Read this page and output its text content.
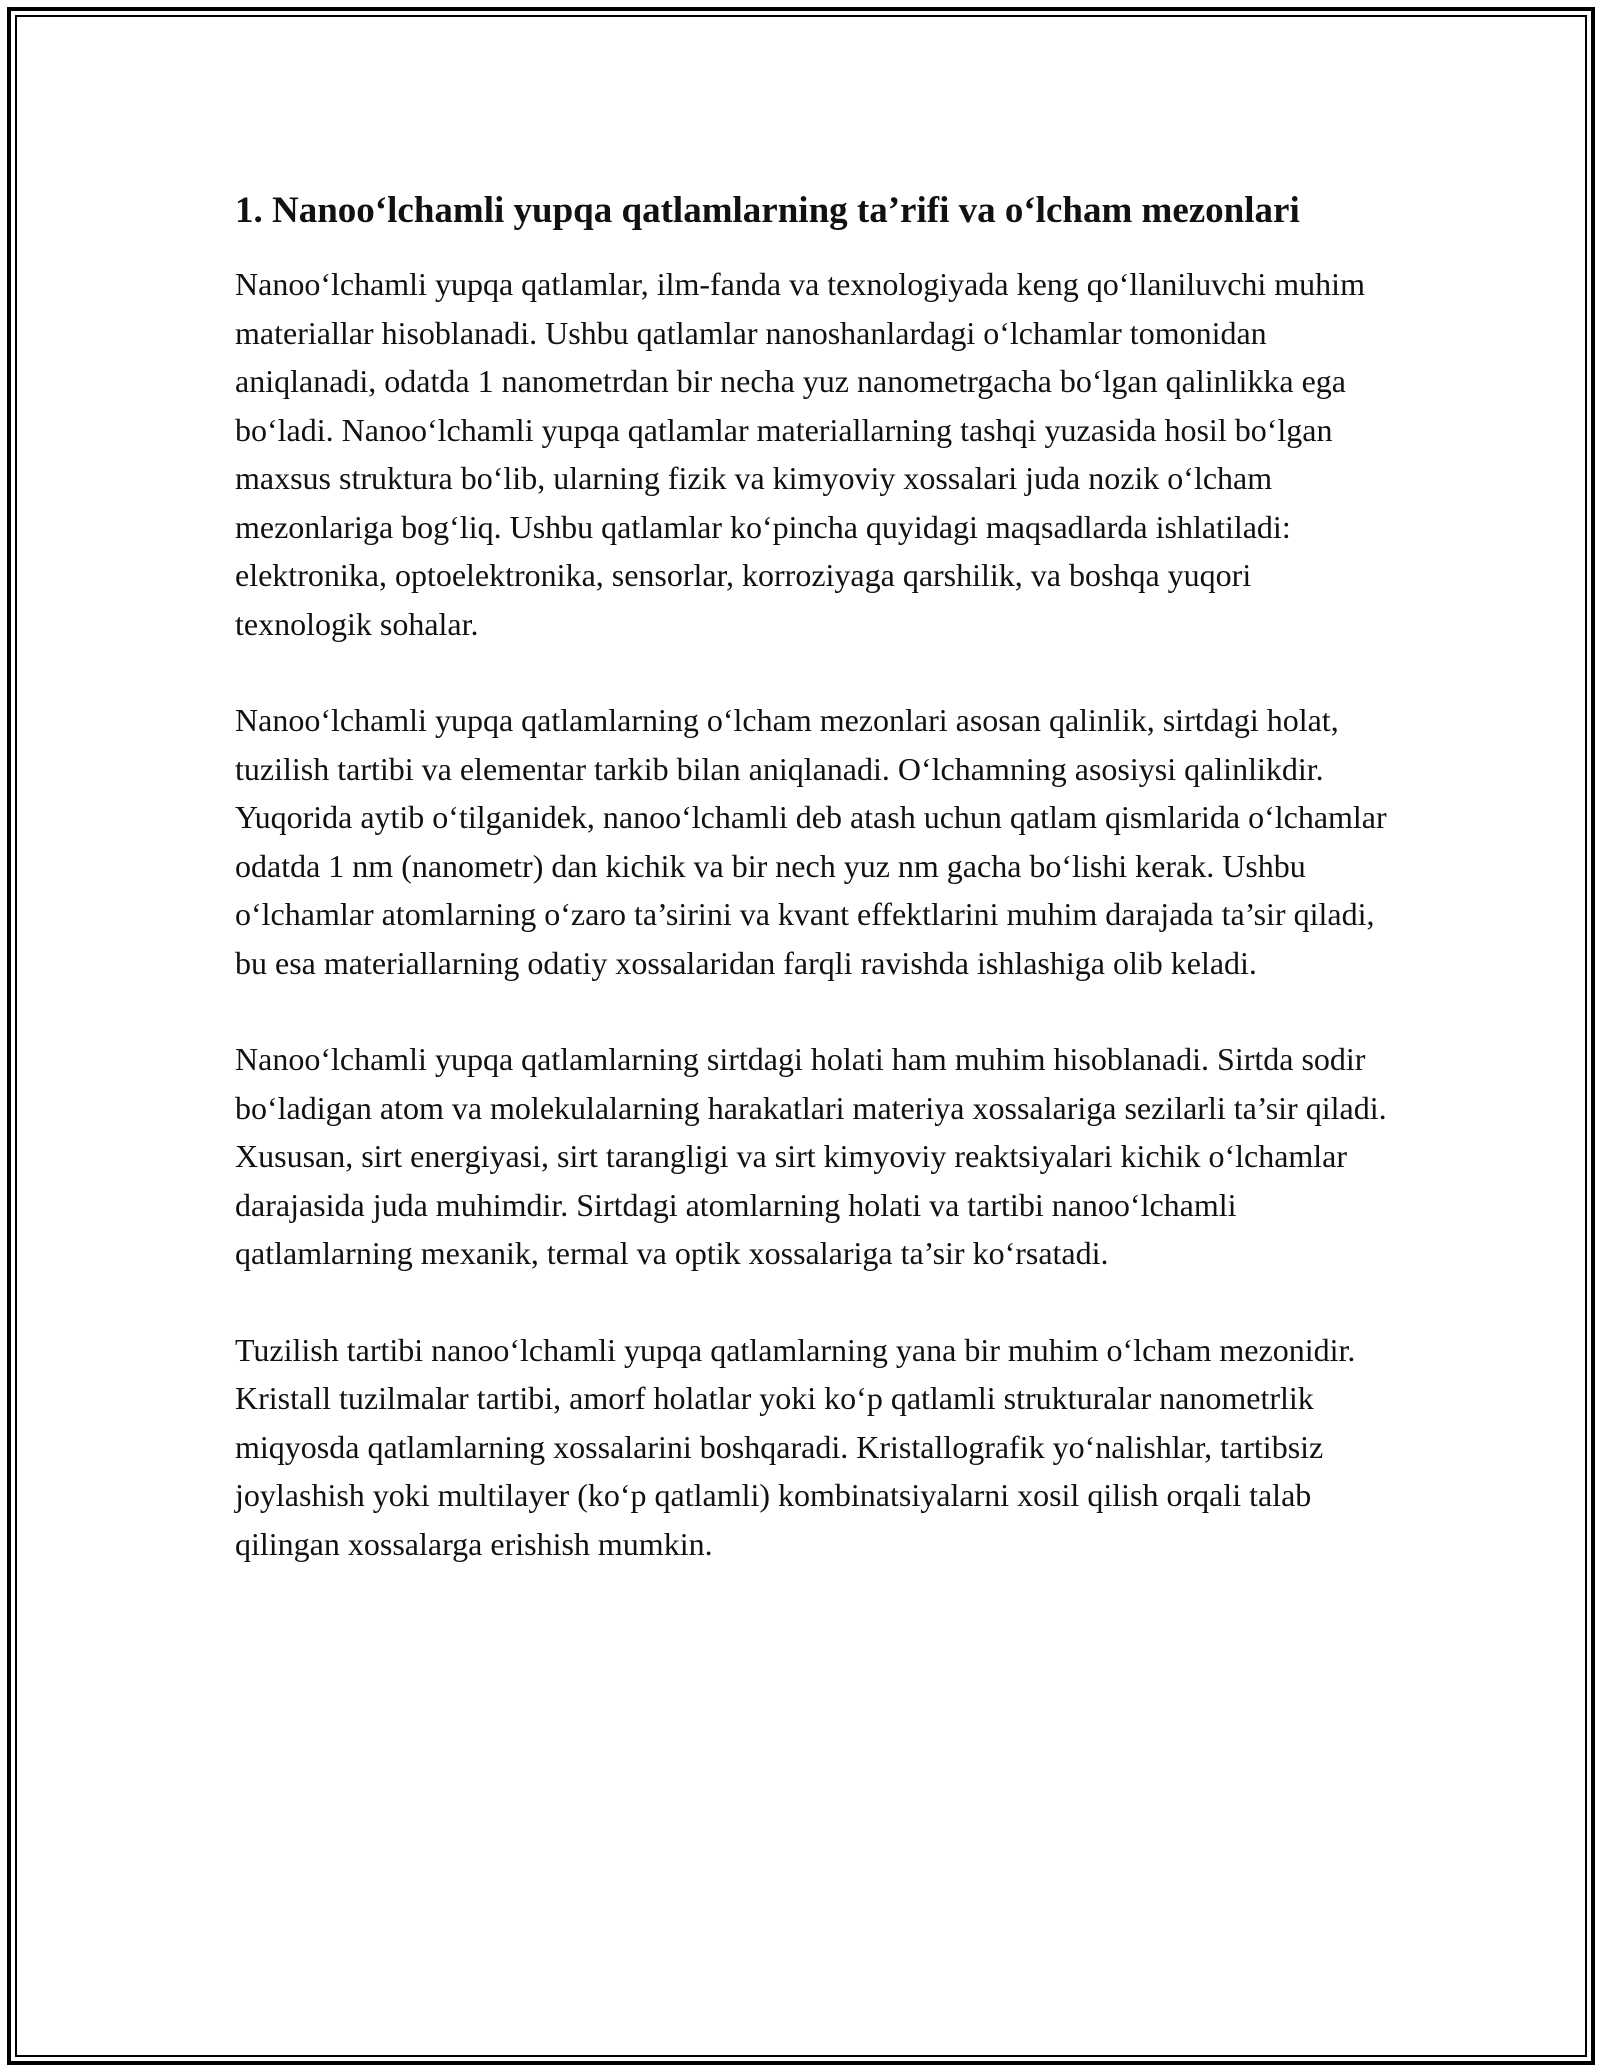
1. Nanoo‘lchamli yupqa qatlamlarning ta’rifi va o‘lcham mezonlari

Nanoo‘lchamli yupqa qatlamlar, ilm-fanda va texnologiyada keng qo‘llaniluvchi muhim materiallar hisoblanadi. Ushbu qatlamlar nanoshanlardagi o‘lchamlar tomonidan aniqlanadi, odatda 1 nanometrdan bir necha yuz nanometrgacha bo‘lgan qalinlikka ega bo‘ladi. Nanoo‘lchamli yupqa qatlamlar materiallarning tashqi yuzasida hosil bo‘lgan maxsus struktura bo‘lib, ularning fizik va kimyoviy xossalari juda nozik o‘lcham mezonlariga bog‘liq. Ushbu qatlamlar ko‘pincha quyidagi maqsadlarda ishlatiladi: elektronika, optoelektronika, sensorlar, korroziyaga qarshilik, va boshqa yuqori texnologik sohalar.

Nanoo‘lchamli yupqa qatlamlarning o‘lcham mezonlari asosan qalinlik, sirtdagi holat, tuzilish tartibi va elementar tarkib bilan aniqlanadi. O‘lchamning asosiysi qalinlikdir. Yuqorida aytib o‘tilganidek, nanoo‘lchamli deb atash uchun qatlam qismlarida o‘lchamlar odatda 1 nm (nanometr) dan kichik va bir nech yuz nm gacha bo‘lishi kerak. Ushbu o‘lchamlar atomlarning o‘zaro ta’sirini va kvant effektlarini muhim darajada ta’sir qiladi, bu esa materiallarning odatiy xossalaridan farqli ravishda ishlashiga olib keladi.

Nanoo‘lchamli yupqa qatlamlarning sirtdagi holati ham muhim hisoblanadi. Sirtda sodir bo‘ladigan atom va molekulalarning harakatlari materiya xossalariga sezilarli ta’sir qiladi. Xususan, sirt energiyasi, sirt tarangligi va sirt kimyoviy reaktsiyalari kichik o‘lchamlar darajasida juda muhimdir. Sirtdagi atomlarning holati va tartibi nanoo‘lchamli qatlamlarning mexanik, termal va optik xossalariga ta’sir ko‘rsatadi.

Tuzilish tartibi nanoo‘lchamli yupqa qatlamlarning yana bir muhim o‘lcham mezonidir. Kristall tuzilmalar tartibi, amorf holatlar yoki ko‘p qatlamli strukturalar nanometrlik miqyosda qatlamlarning xossalarini boshqaradi. Kristallografik yo‘nalishlar, tartibsiz joylashish yoki multilayer (ko‘p qatlamli) kombinatsiyalarni xosil qilish orqali talab qilingan xossalarga erishish mumkin.
